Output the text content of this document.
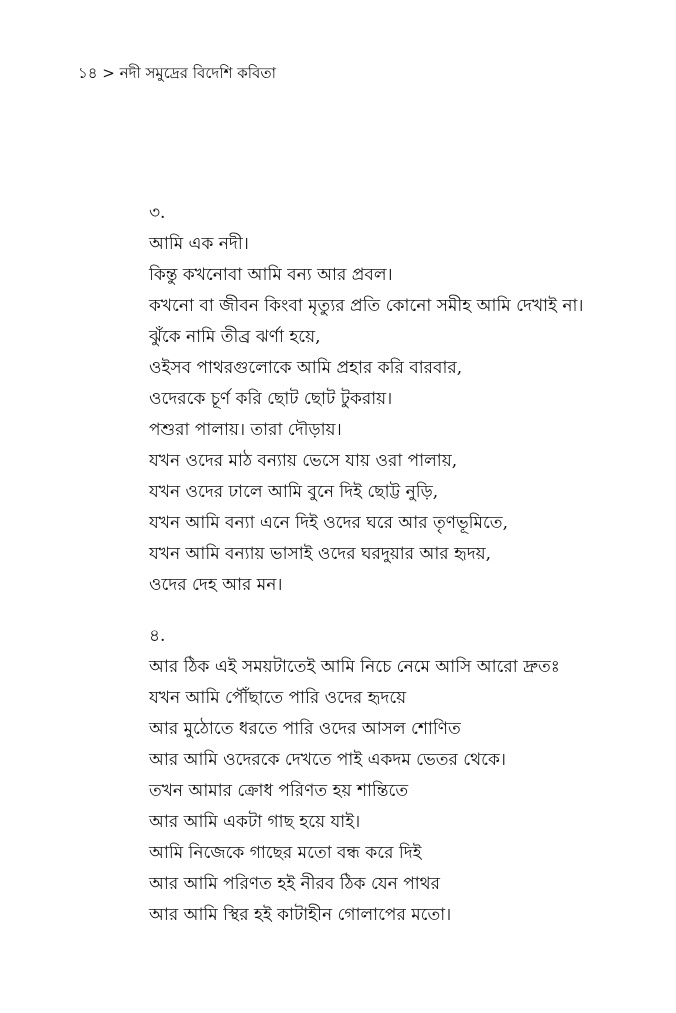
১৪ > নদী সমুদ্রের বিদেশি কবিতা
৩.
আমি এক নদী।
কিন্তু কখনোবা আমি বন্য আর প্রবল।
কখনো বা জীবন কিংবা মৃত্যুর প্রতি কোনো সমীহ আমি দেখাই না।
ঝুঁকে নামি তীব্র ঝর্ণা হয়ে,
ওইসব পাথরগুলোকে আমি প্রহার করি বারবার,
ওদেরকে চূর্ণ করি ছোট ছোট টুকরায়।
পশুরা পালায়। তারা দৌড়ায়।
যখন ওদের মাঠ বন্যায় ভেসে যায় ওরা পালায়,
যখন ওদের ঢালে আমি বুনে দিই ছোট্ট নুড়ি,
যখন আমি বন্যা এনে দিই ওদের ঘরে আর তৃণভূমিতে,
যখন আমি বন্যায় ভাসাই ওদের ঘরদুয়ার আর হৃদয়,
ওদের দেহ আর মন।
৪.
আর ঠিক এই সময়টাতেই আমি নিচে নেমে আসি আরো দ্রুতঃ
যখন আমি পৌঁছাতে পারি ওদের হৃদয়ে
আর মুঠোতে ধরতে পারি ওদের আসল শোণিত
আর আমি ওদেরকে দেখতে পাই একদম ভেতর থেকে।
তখন আমার ক্রোধ পরিণত হয় শান্তিতে
আর আমি একটা গাছ হয়ে যাই।
আমি নিজেকে গাছের মতো বন্ধ করে দিই
আর আমি পরিণত হই নীরব ঠিক যেন পাথর
আর আমি স্থির হই কাটাহীন গোলাপের মতো।
